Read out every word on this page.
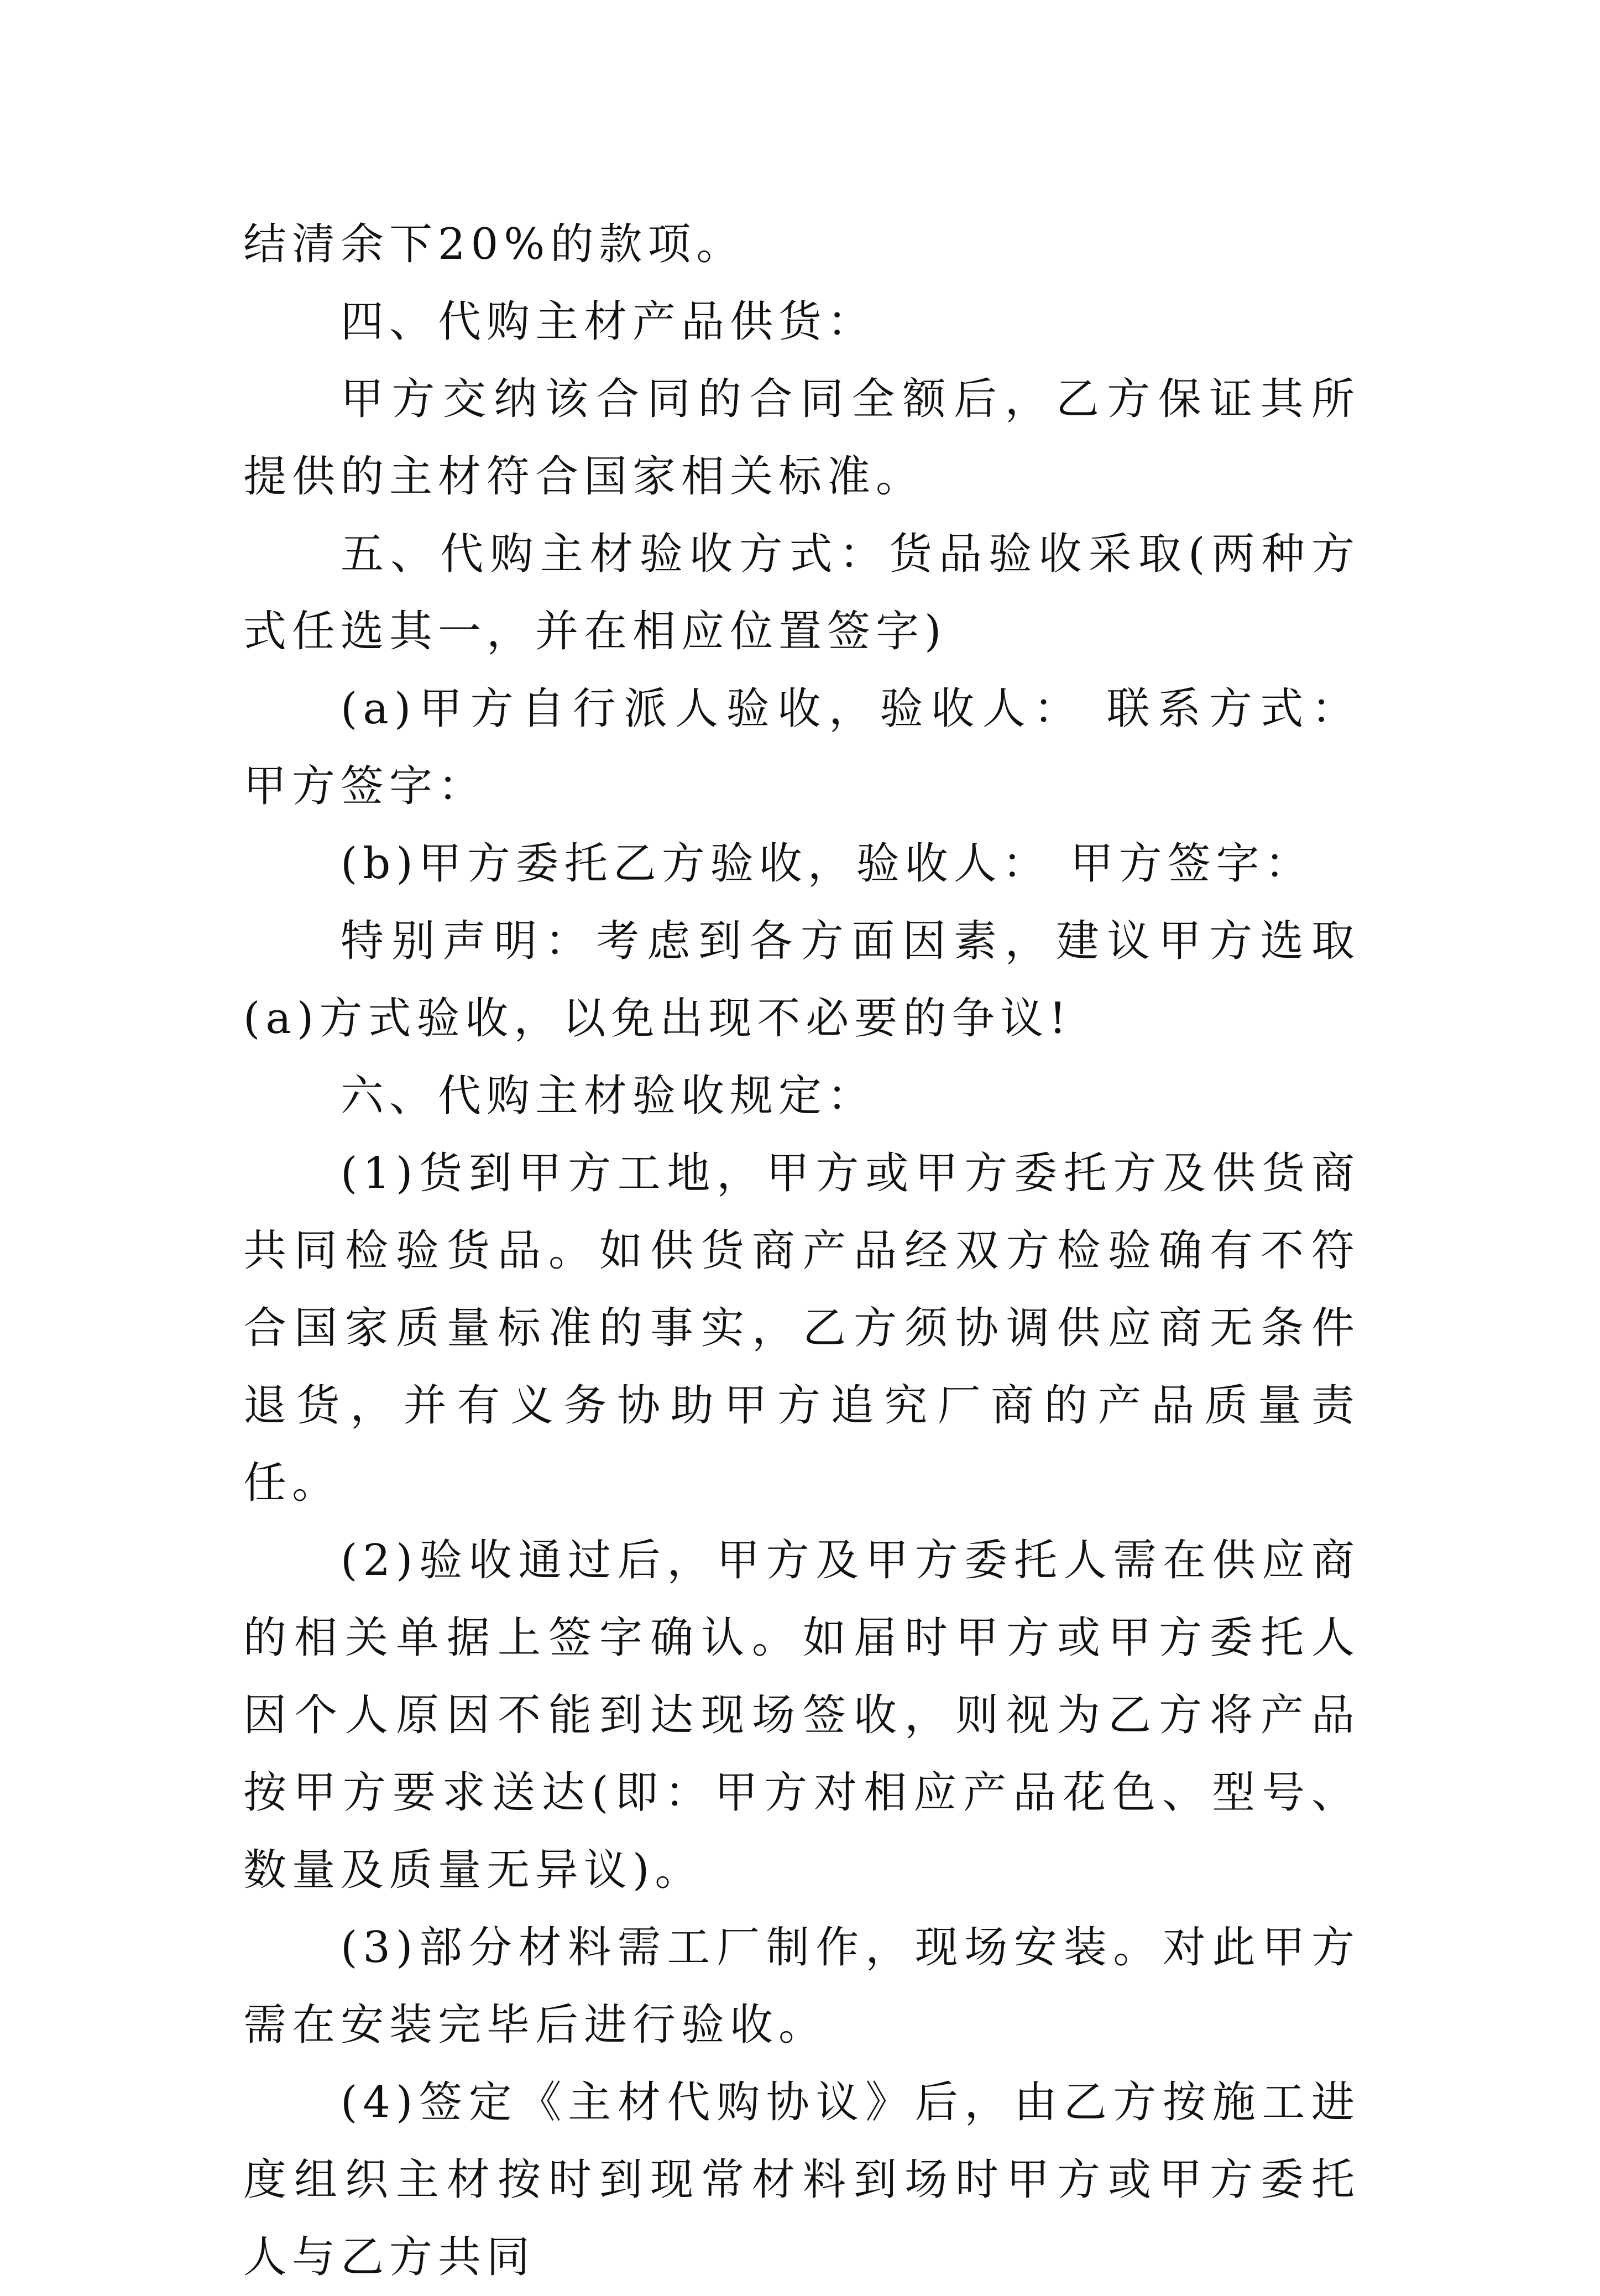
结清余下20%的款项。

四、代购主材产品供货：

甲方交纳该合同的合同全额后，乙方保证其所提供的主材符合国家相关标准。

五、代购主材验收方式：货品验收采取(两种方式任选其一，并在相应位置签字)

(a)甲方自行派人验收，验收人： 联系方式： 甲方签字：

(b)甲方委托乙方验收，验收人： 甲方签字：

特别声明：考虑到各方面因素，建议甲方选取(a)方式验收，以免出现不必要的争议!

六、代购主材验收规定：

(1)货到甲方工地，甲方或甲方委托方及供货商共同检验货品。如供货商产品经双方检验确有不符合国家质量标准的事实，乙方须协调供应商无条件退货，并有义务协助甲方追究厂商的产品质量责任。

(2)验收通过后，甲方及甲方委托人需在供应商的相关单据上签字确认。如届时甲方或甲方委托人因个人原因不能到达现场签收，则视为乙方将产品按甲方要求送达(即：甲方对相应产品花色、型号、数量及质量无异议)。

(3)部分材料需工厂制作，现场安装。对此甲方需在安装完毕后进行验收。

(4)签定《主材代购协议》后，由乙方按施工进度组织主材按时到现常材料到场时甲方或甲方委托人与乙方共同
